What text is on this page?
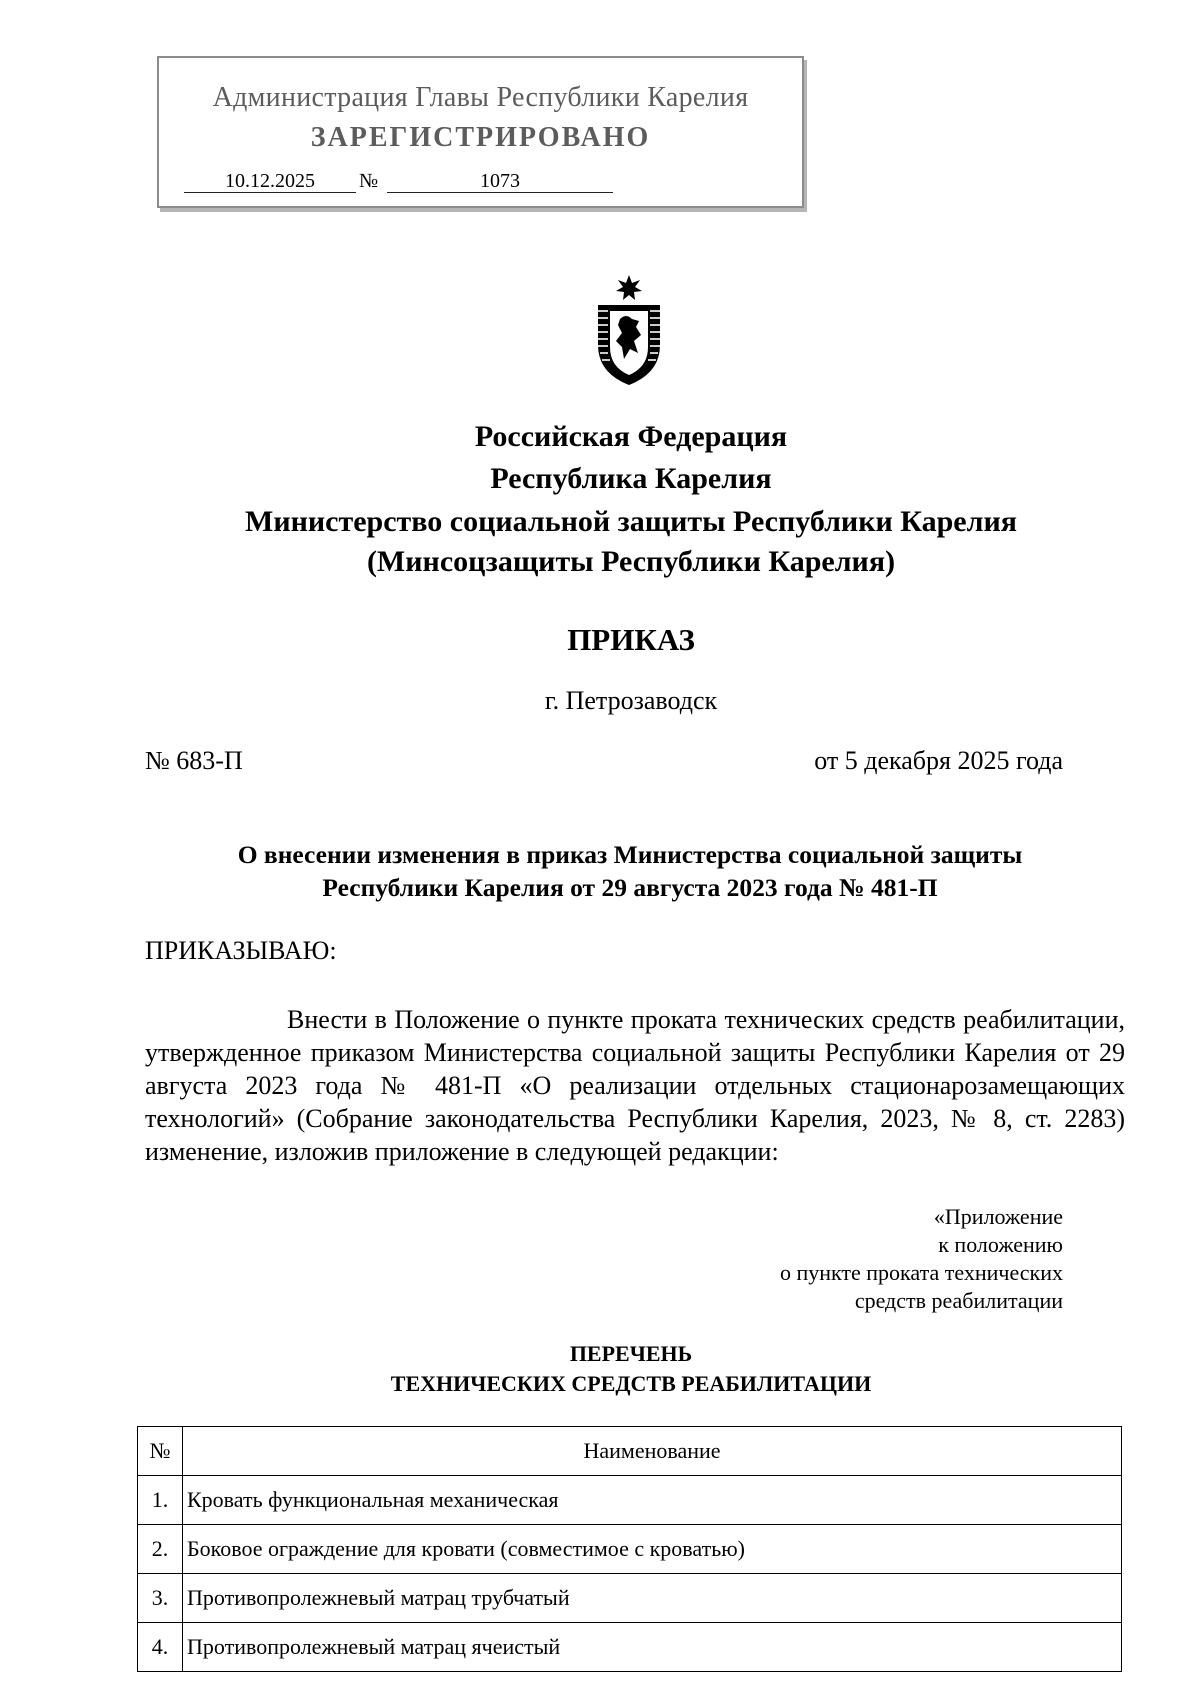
Администрация Главы Республики Карелия
ЗАРЕГИСТРИРОВАНО
10.12.2025	№	1073
Российская Федерация
Республика Карелия
Министерство социальной защиты Республики Карелия
(Минсоцзащиты Республики Карелия)
ПРИКАЗ
г. Петрозаводск
№ 683-П	от 5 декабря 2025 года
О внесении изменения в приказ Министерства социальной защиты
Республики Карелия от 29 августа 2023 года № 481-П
ПРИКАЗЫВАЮ:

Внести в Положение о пункте проката технических средств реабилитации, утвержденное приказом Министерства социальной защиты Республики Карелия от 29 августа 2023 года № 481-П «О реализации отдельных стационарозамещающих технологий» (Собрание законодательства Республики Карелия, 2023, № 8, ст. 2283) изменение, изложив приложение в следующей редакции:

«Приложение
к положению
о пункте проката технических
средств реабилитации
ПЕРЕЧЕНЬ
ТЕХНИЧЕСКИХ СРЕДСТВ РЕАБИЛИТАЦИИ
№	Наименование
1.	Кровать функциональная механическая
2.	Боковое ограждение для кровати (совместимое с кроватью)
3.	Противопролежневый матрац трубчатый
4.	Противопролежневый матрац ячеистый
